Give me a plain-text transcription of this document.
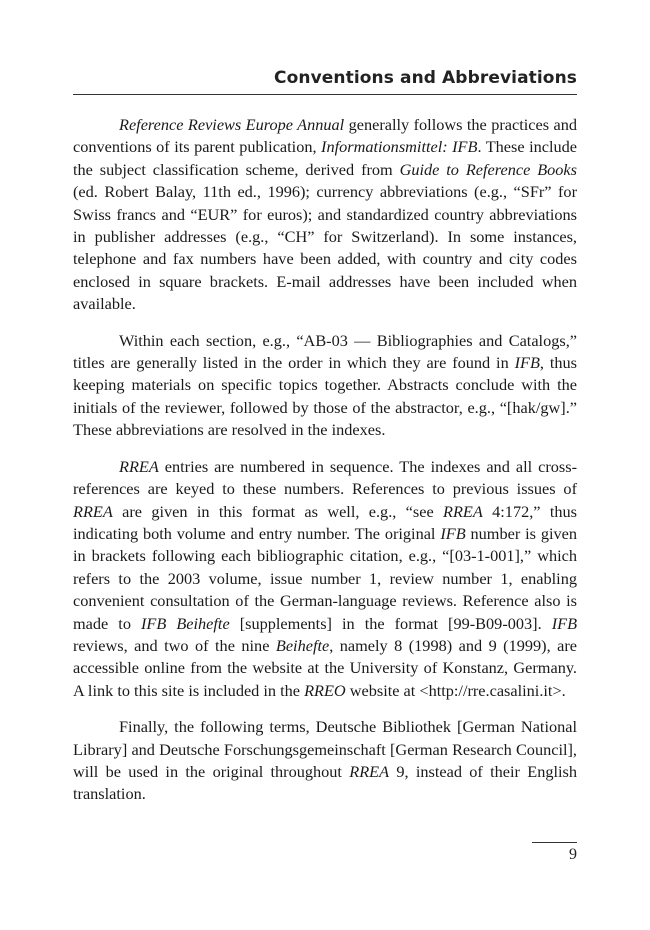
Conventions and Abbreviations

Reference Reviews Europe Annual generally follows the practices and conventions of its parent publication, Informationsmittel: IFB. These include the subject classification scheme, derived from Guide to Reference Books (ed. Robert Balay, 11th ed., 1996); currency abbreviations (e.g., “SFr” for Swiss francs and “EUR” for euros); and standardized country abbreviations in publisher addresses (e.g., “CH” for Switzerland). In some instances, telephone and fax numbers have been added, with country and city codes enclosed in square brackets. E-mail addresses have been included when available.

Within each section, e.g., “AB-03 — Bibliographies and Catalogs,” titles are generally listed in the order in which they are found in IFB, thus keeping materials on specific topics together. Abstracts conclude with the initials of the reviewer, followed by those of the abstractor, e.g., “[hak/gw].” These abbreviations are resolved in the indexes.

RREA entries are numbered in sequence. The indexes and all cross-references are keyed to these numbers. References to previous issues of RREA are given in this format as well, e.g., “see RREA 4:172,” thus indicating both volume and entry number. The original IFB number is given in brackets following each bibliographic citation, e.g., “[03-1-001],” which refers to the 2003 volume, issue number 1, review number 1, enabling convenient consultation of the German-language reviews. Reference also is made to IFB Beihefte [supplements] in the format [99-B09-003]. IFB reviews, and two of the nine Beihefte, namely 8 (1998) and 9 (1999), are accessible online from the website at the University of Konstanz, Germany. A link to this site is included in the RREO website at <http://rre.casalini.it>.

Finally, the following terms, Deutsche Bibliothek [German National Library] and Deutsche Forschungsgemeinschaft [German Research Council], will be used in the original throughout RREA 9, instead of their English translation.

9
